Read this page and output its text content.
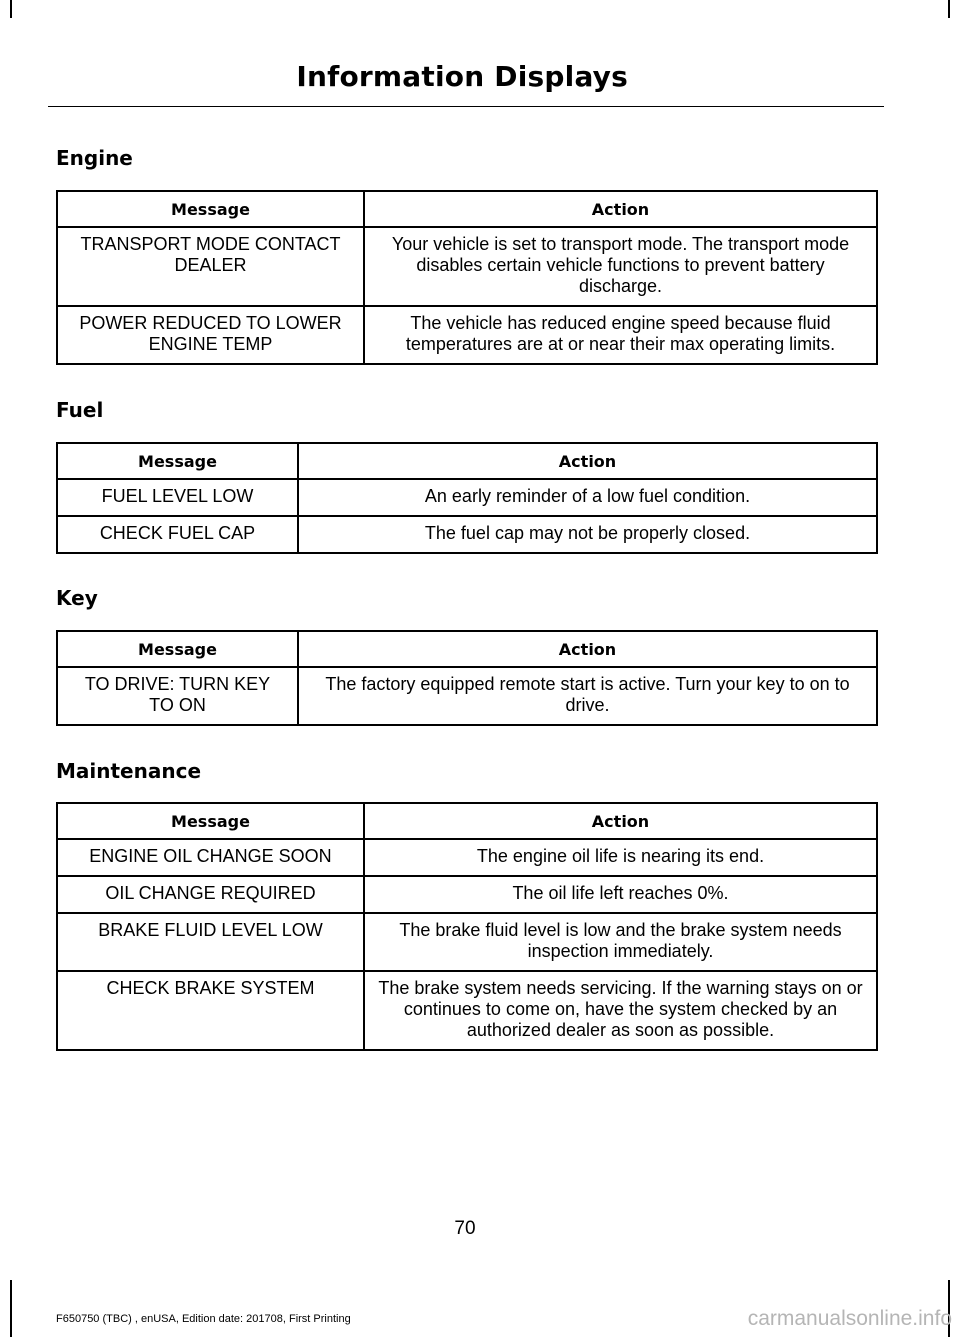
Information Displays
Engine
Message	Action
TRANSPORT MODE CONTACT DEALER	Your vehicle is set to transport mode. The transport mode disables certain vehicle functions to prevent battery discharge.
POWER REDUCED TO LOWER ENGINE TEMP	The vehicle has reduced engine speed because fluid temperatures are at or near their max operating limits.
Fuel
Message	Action
FUEL LEVEL LOW	An early reminder of a low fuel condition.
CHECK FUEL CAP	The fuel cap may not be properly closed.
Key
Message	Action
TO DRIVE: TURN KEY TO ON	The factory equipped remote start is active. Turn your key to on to drive.
Maintenance
Message	Action
ENGINE OIL CHANGE SOON	The engine oil life is nearing its end.
OIL CHANGE REQUIRED	The oil life left reaches 0%.
BRAKE FLUID LEVEL LOW	The brake fluid level is low and the brake system needs inspection immediately.
CHECK BRAKE SYSTEM	The brake system needs servicing. If the warning stays on or continues to come on, have the system checked by an authorized dealer as soon as possible.
70
F650750 (TBC) , enUSA, Edition date: 201708, First Printing	carmanualsonline.info
